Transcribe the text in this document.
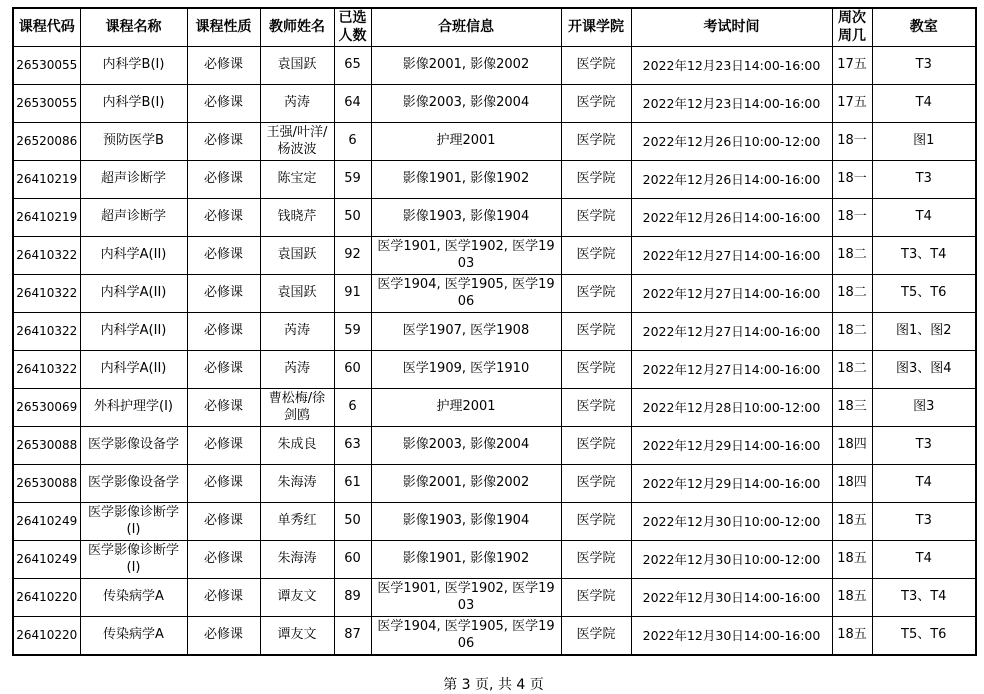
课程代码	课程名称	课程性质	教师姓名	已选人数	合班信息	开课学院	考试时间	周次周几	教室
26530055	内科学B(I)	必修课	袁国跃	65	影像2001, 影像2002	医学院	2022年12月23日14:00-16:00	17五	T3
26530055	内科学B(I)	必修课	芮涛	64	影像2003, 影像2004	医学院	2022年12月23日14:00-16:00	17五	T4
26520086	预防医学B	必修课	王强/叶洋/杨波波	6	护理2001	医学院	2022年12月26日10:00-12:00	18一	图1
26410219	超声诊断学	必修课	陈宝定	59	影像1901, 影像1902	医学院	2022年12月26日14:00-16:00	18一	T3
26410219	超声诊断学	必修课	钱晓芹	50	影像1903, 影像1904	医学院	2022年12月26日14:00-16:00	18一	T4
26410322	内科学A(II)	必修课	袁国跃	92	医学1901, 医学1902, 医学1903	医学院	2022年12月27日14:00-16:00	18二	T3、T4
26410322	内科学A(II)	必修课	袁国跃	91	医学1904, 医学1905, 医学1906	医学院	2022年12月27日14:00-16:00	18二	T5、T6
26410322	内科学A(II)	必修课	芮涛	59	医学1907, 医学1908	医学院	2022年12月27日14:00-16:00	18二	图1、图2
26410322	内科学A(II)	必修课	芮涛	60	医学1909, 医学1910	医学院	2022年12月27日14:00-16:00	18二	图3、图4
26530069	外科护理学(I)	必修课	曹松梅/徐剑鸥	6	护理2001	医学院	2022年12月28日10:00-12:00	18三	图3
26530088	医学影像设备学	必修课	朱成良	63	影像2003, 影像2004	医学院	2022年12月29日14:00-16:00	18四	T3
26530088	医学影像设备学	必修课	朱海涛	61	影像2001, 影像2002	医学院	2022年12月29日14:00-16:00	18四	T4
26410249	医学影像诊断学(I)	必修课	单秀红	50	影像1903, 影像1904	医学院	2022年12月30日10:00-12:00	18五	T3
26410249	医学影像诊断学(I)	必修课	朱海涛	60	影像1901, 影像1902	医学院	2022年12月30日10:00-12:00	18五	T4
26410220	传染病学A	必修课	谭友文	89	医学1901, 医学1902, 医学1903	医学院	2022年12月30日14:00-16:00	18五	T3、T4
26410220	传染病学A	必修课	谭友文	87	医学1904, 医学1905, 医学1906	医学院	2022年12月30日14:00-16:00	18五	T5、T6
第 3 页, 共 4 页
